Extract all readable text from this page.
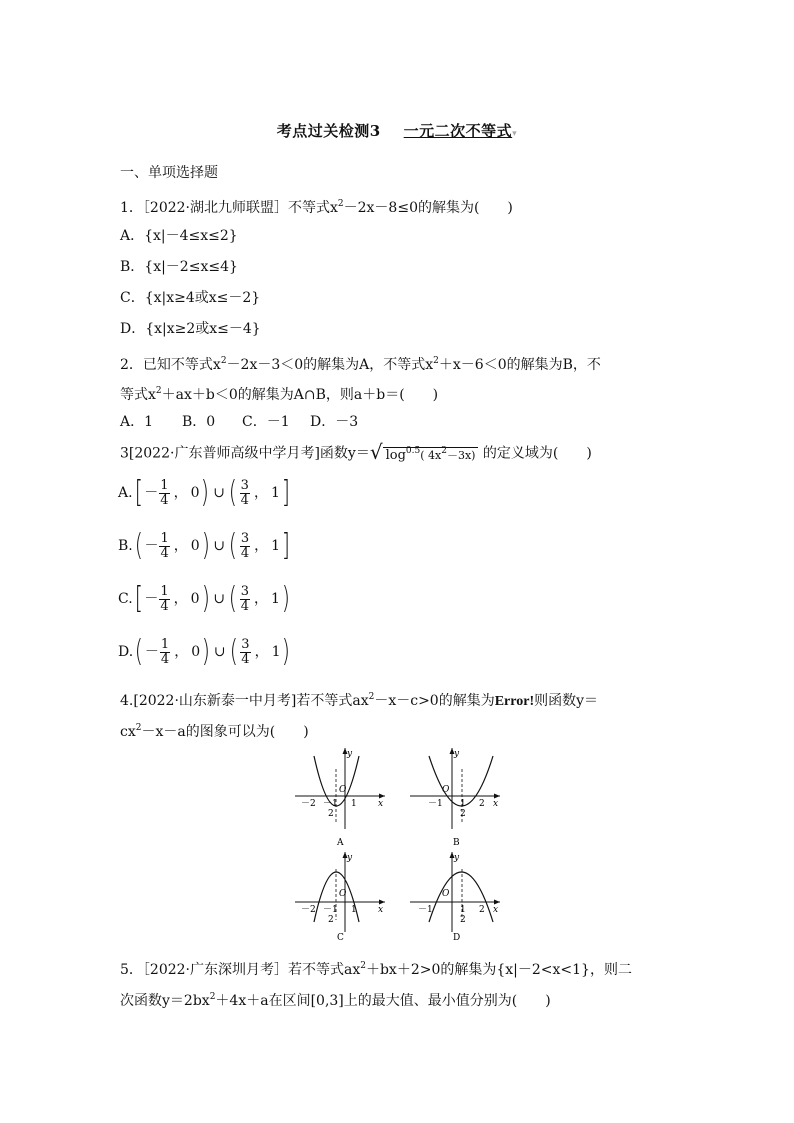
考点过关检测3 一元二次不等式▾
一、单项选择题
1．［2022·湖北九师联盟］不等式$x^2-2x-8\le 0$的解集为(　　)
A．{x|－4≤x≤2}
B．{x|－2≤x≤4}
C．{x|x≥4或x≤－2}
D．{x|x≥2或x≤－4}
2．已知不等式$x^2-2x-3<0$的解集为A，不等式$x^2+x-6<0$的解集为B，不
等式$x^2+ax+b<0$的解集为A∩B，则a＋b＝(　　)
A．1 B．0 C．－1 D．－3
3[2022·广东普师高级中学月考]函数y＝√ $\log^{0.5}$( $4x^2-3x$) 的定义域为(　　)
A. [ － $\frac{1}{4}$ ， 0 ) ∪ ( $\frac{3}{4}$ ， 1 ]
B. ( － $\frac{1}{4}$ ， 0 ) ∪ ( $\frac{3}{4}$ ， 1 ]
C. [ － $\frac{1}{4}$ ， 0 ) ∪ ( $\frac{3}{4}$ ， 1 )
D. ( － $\frac{1}{4}$ ， 0 ) ∪ ( $\frac{3}{4}$ ， 1 )
4.[2022·山东新泰一中月考]若不等式$ax^2-x-c>0$的解集为Error!则函数y＝
$cx^2-x-a$的图象可以为(　　)
y
x
O
－2 －1 1
2
A
y
x
O
－1 1 2
2
B
y
x
O
－2 －1 1
2
C
y
x
O
－1	1 2
2
D
5．［2022·广东深圳月考］若不等式$ax^2+bx+2>0$的解集为{x|－2<x<1}，则二
次函数$y=2bx^2+4x+a$在区间[0,3]上的最大值、最小值分别为(　　)
